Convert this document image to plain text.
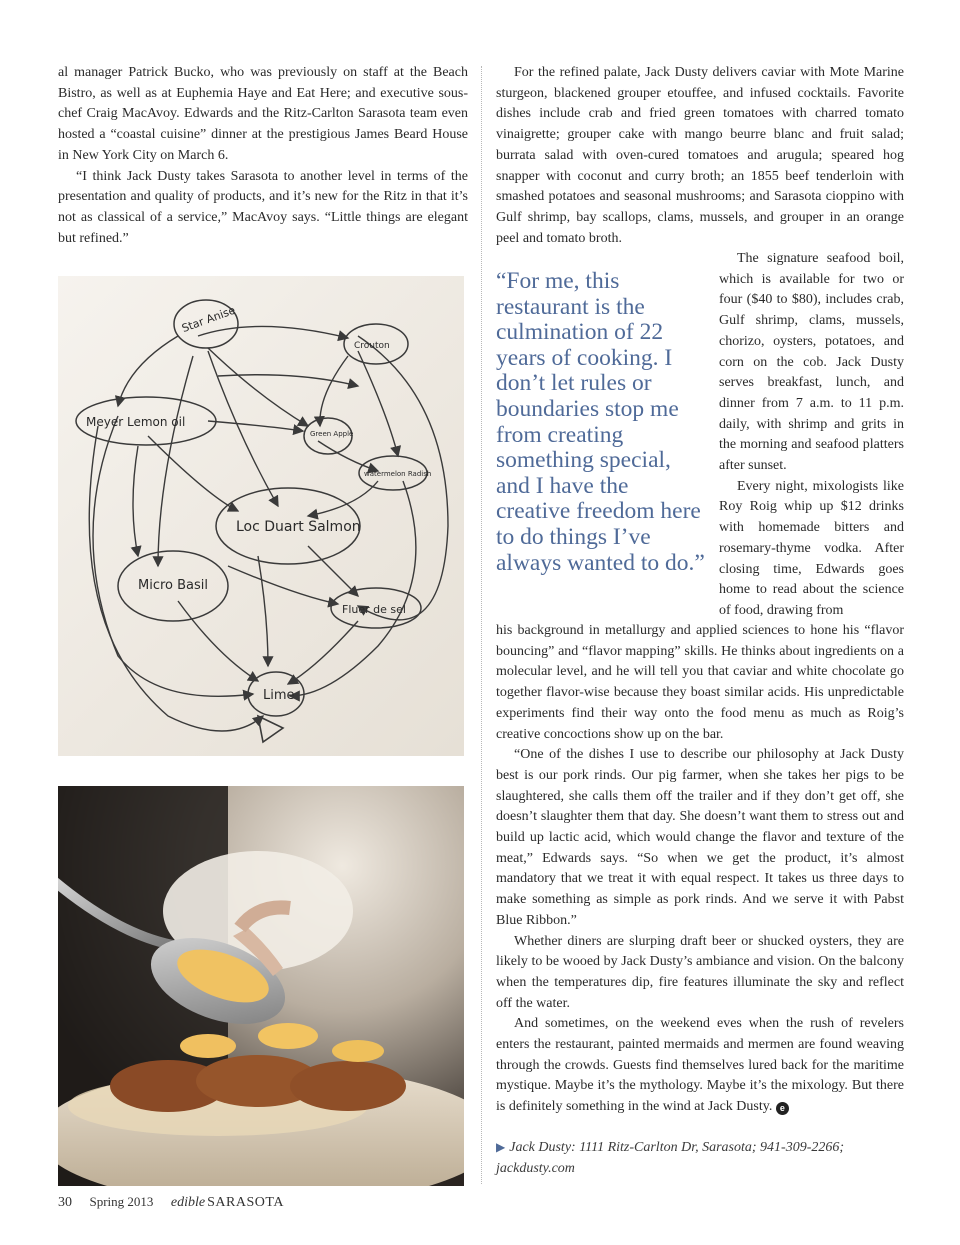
al manager Patrick Bucko, who was previously on staff at the Beach Bistro, as well as at Euphemia Haye and Eat Here; and executive sous-chef Craig MacAvoy. Edwards and the Ritz-Carlton Sarasota team even hosted a “coastal cuisine” dinner at the prestigious James Beard House in New York City on March 6.

“I think Jack Dusty takes Sarasota to another level in terms of the presentation and quality of products, and it’s new for the Ritz in that it’s not as classical of a service,” MacAvoy says. “Little things are elegant but refined.”

Star Anise
Crouton
Meyer Lemon oil
Green Apple
watermelon Radish
Loc Duart Salmon
Micro Basil
Fluer de sel
Lime

For the refined palate, Jack Dusty delivers caviar with Mote Marine sturgeon, blackened grouper etouffee, and infused cocktails. Favorite dishes include crab and fried green tomatoes with charred tomato vinaigrette; grouper cake with mango beurre blanc and fruit salad; burrata salad with oven-cured tomatoes and arugula; speared hog snapper with coconut and curry broth; an 1855 beef tenderloin with smashed potatoes and seasonal mushrooms; and Sarasota cioppino with Gulf shrimp, bay scallops, clams, mussels, and grouper in an orange peel and tomato broth.

“For me, this restaurant is the culmination of 22 years of cooking. I don’t let rules or boundaries stop me from creating something special, and I have the creative freedom here to do things I’ve always wanted to do.”

The signature seafood boil, which is available for two or four ($40 to $80), includes crab, Gulf shrimp, clams, mussels, chorizo, oysters, potatoes, and corn on the cob. Jack Dusty serves breakfast, lunch, and dinner from 7 a.m. to 11 p.m. daily, with shrimp and grits in the morning and seafood platters after sunset.

Every night, mixologists like Roy Roig whip up $12 drinks with homemade bitters and rosemary-thyme vodka. After closing time, Edwards goes home to read about the science of food, drawing from

his background in metallurgy and applied sciences to hone his “flavor bouncing” and “flavor mapping” skills. He thinks about ingredients on a molecular level, and he will tell you that caviar and white chocolate go together flavor-wise because they boast similar acids. His unpredictable experiments find their way onto the food menu as much as Roig’s creative concoctions show up on the bar.

“One of the dishes I use to describe our philosophy at Jack Dusty best is our pork rinds. Our pig farmer, when she takes her pigs to be slaughtered, she calls them off the trailer and if they don’t get off, she doesn’t slaughter them that day. She doesn’t want them to stress out and build up lactic acid, which would change the flavor and texture of the meat,” Edwards says. “So when we get the product, it’s almost mandatory that we treat it with equal respect. It takes us three days to make something as simple as pork rinds. And we serve it with Pabst Blue Ribbon.”

Whether diners are slurping draft beer or shucked oysters, they are likely to be wooed by Jack Dusty’s ambiance and vision. On the balcony when the temperatures dip, fire features illuminate the sky and reflect off the water.

And sometimes, on the weekend eves when the rush of revelers enters the restaurant, painted mermaids and mermen are found weaving through the crowds. Guests find themselves lured back for the maritime mystique. Maybe it’s the mythology. Maybe it’s the mixology. But there is definitely something in the wind at Jack Dusty. e

▶ Jack Dusty: 1111 Ritz-Carlton Dr, Sarasota; 941-309-2266; jackdusty.com
30 Spring 2013 edible SARASOTA
